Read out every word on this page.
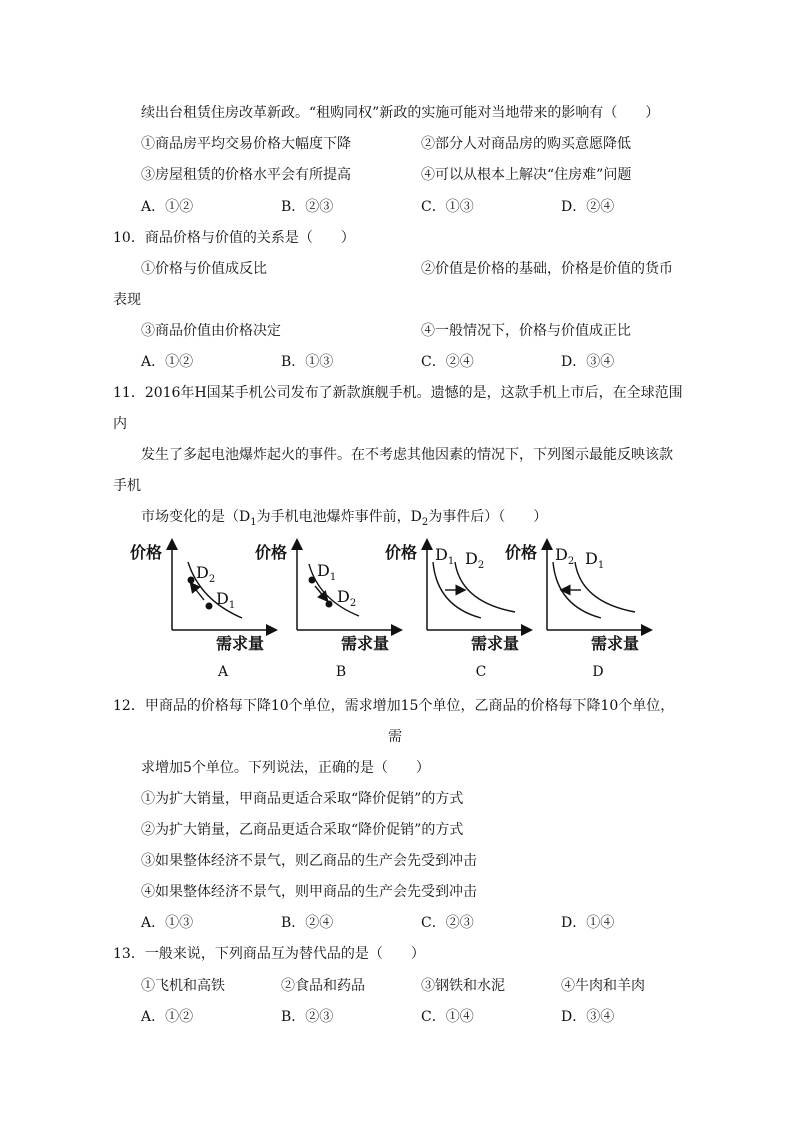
续出台租赁住房改革新政。“租购同权”新政的实施可能对当地带来的影响有（　　）
①商品房平均交易价格大幅度下降	②部分人对商品房的购买意愿降低
③房屋租赁的价格水平会有所提高	④可以从根本上解决“住房难”问题
A．①②	B．②③	C．①③	D．②④
10．商品价格与价值的关系是（　　）
①价格与价值成反比	②价值是价格的基础，价格是价值的货币
表现
③商品价值由价格决定	④一般情况下，价格与价值成正比
A．①②	B．①③	C．②④	D．③④
11．2016年H国某手机公司发布了新款旗舰手机。遗憾的是，这款手机上市后，在全球范围
内
发生了多起电池爆炸起火的事件。在不考虑其他因素的情况下，下列图示最能反映该款
手机
市场变化的是（$D_1$为手机电池爆炸事件前，$D_2$为事件后）（　　）
价格
需求量
$D_2$
$D_1$
价格
需求量
$D_1$
$D_2$
价格
需求量
$D_1$ $D_2$
价格
需求量
$D_2$ $D_1$
A	B	C	D
12．甲商品的价格每下降10个单位，需求增加15个单位，乙商品的价格每下降10个单位，
需
求增加5个单位。下列说法，正确的是（　　）
①为扩大销量，甲商品更适合采取“降价促销”的方式
②为扩大销量，乙商品更适合采取“降价促销”的方式
③如果整体经济不景气，则乙商品的生产会先受到冲击
④如果整体经济不景气，则甲商品的生产会先受到冲击
A．①③	B．②④	C．②③	D．①④
13．一般来说，下列商品互为替代品的是（　　）
①飞机和高铁	②食品和药品	③钢铁和水泥	④牛肉和羊肉
A．①②	B．②③	C．①④	D．③④
